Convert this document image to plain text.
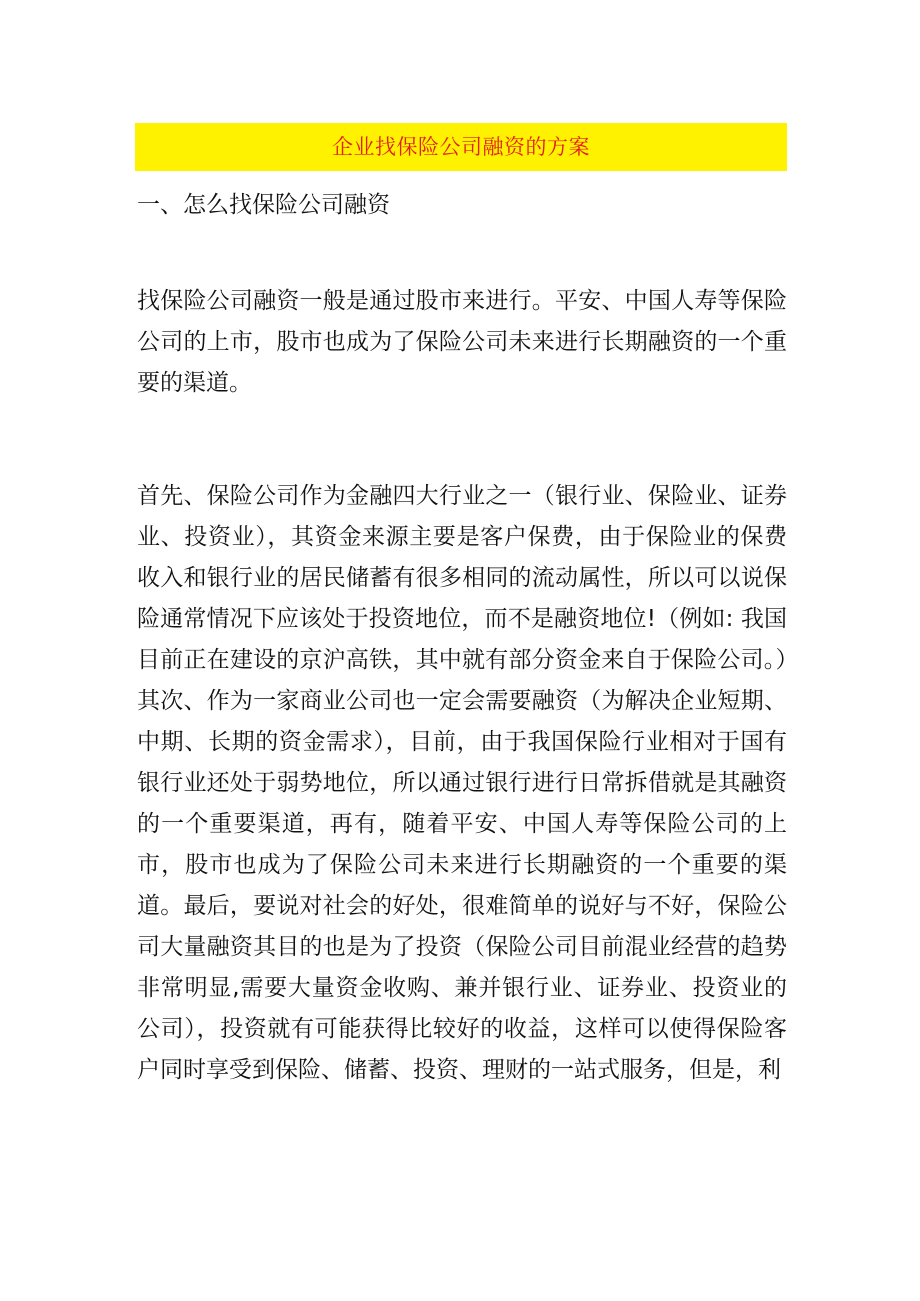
企业找保险公司融资的方案
一、怎么找保险公司融资

找保险公司融资一般是通过股市来进行。平安、中国人寿等保险公司的上市，股市也成为了保险公司未来进行长期融资的一个重要的渠道。

首先、保险公司作为金融四大行业之一（银行业、保险业、证券业、投资业），其资金来源主要是客户保费，由于保险业的保费收入和银行业的居民储蓄有很多相同的流动属性，所以可以说保险通常情况下应该处于投资地位，而不是融资地位!（例如: 我国目前正在建设的京沪高铁，其中就有部分资金来自于保险公司。）其次、作为一家商业公司也一定会需要融资（为解决企业短期、中期、长期的资金需求），目前，由于我国保险行业相对于国有银行业还处于弱势地位，所以通过银行进行日常拆借就是其融资的一个重要渠道，再有，随着平安、中国人寿等保险公司的上市，股市也成为了保险公司未来进行长期融资的一个重要的渠道。最后，要说对社会的好处，很难简单的说好与不好，保险公司大量融资其目的也是为了投资（保险公司目前混业经营的趋势非常明显,需要大量资金收购、兼并银行业、证券业、投资业的公司），投资就有可能获得比较好的收益，这样可以使得保险客户同时享受到保险、储蓄、投资、理财的一站式服务，但是，利
